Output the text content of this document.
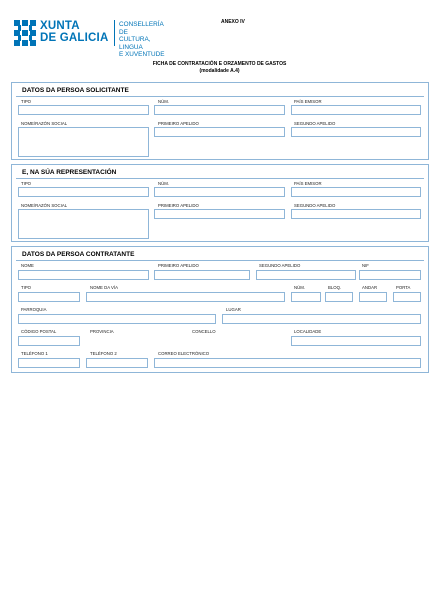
XUNTA
DE GALICIA
CONSELLERÍA DE
CULTURA, LINGUA
E XUVENTUDE
ANEXO IV
FICHA DE CONTRATACIÓN E ORZAMENTO DE GASTOS
(modalidade A.4)
DATOS DA PERSOA SOLICITANTE
TIPO	NÚM.	PAÍS EMISOR
NOME/RAZÓN SOCIAL	PRIMEIRO APELIDO	SEGUNDO APELIDO
E, NA SÚA REPRESENTACIÓN
TIPO	NÚM.	PAÍS EMISOR
NOME/RAZÓN SOCIAL	PRIMEIRO APELIDO	SEGUNDO APELIDO
DATOS DA PERSOA CONTRATANTE
NOME	PRIMEIRO APELIDO	SEGUNDO APELIDO	NIF
TIPO	NOME DA VÍA	NÚM.	BLOQ.	ANDAR	PORTA
PARROQUIA	LUGAR
CÓDIGO POSTAL	PROVINCIA	CONCELLO	LOCALIDADE
TELÉFONO 1	TELÉFONO 2	CORREO ELECTRÓNICO
